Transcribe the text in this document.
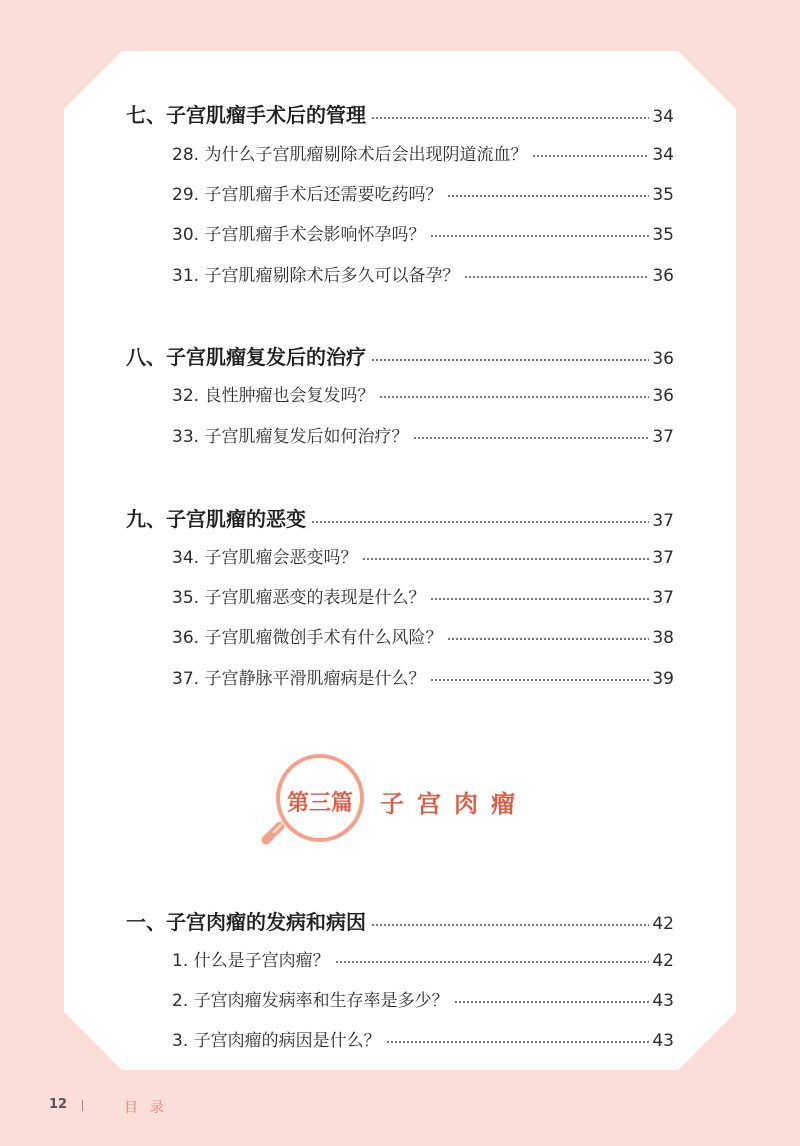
七、子宫肌瘤手术后的管理	34
28. 为什么子宫肌瘤剔除术后会出现阴道流血？	34
29. 子宫肌瘤手术后还需要吃药吗？	35
30. 子宫肌瘤手术会影响怀孕吗？	35
31. 子宫肌瘤剔除术后多久可以备孕？	36
八、子宫肌瘤复发后的治疗	36
32. 良性肿瘤也会复发吗？	36
33. 子宫肌瘤复发后如何治疗？	37
九、子宫肌瘤的恶变	37
34. 子宫肌瘤会恶变吗？	37
35. 子宫肌瘤恶变的表现是什么？	37
36. 子宫肌瘤微创手术有什么风险？	38
37. 子宫静脉平滑肌瘤病是什么？	39
第三篇	子宫肉瘤
一、子宫肉瘤的发病和病因	42
1. 什么是子宫肉瘤？	42
2. 子宫肉瘤发病率和生存率是多少？	43
3. 子宫肉瘤的病因是什么？	43
12	目录
